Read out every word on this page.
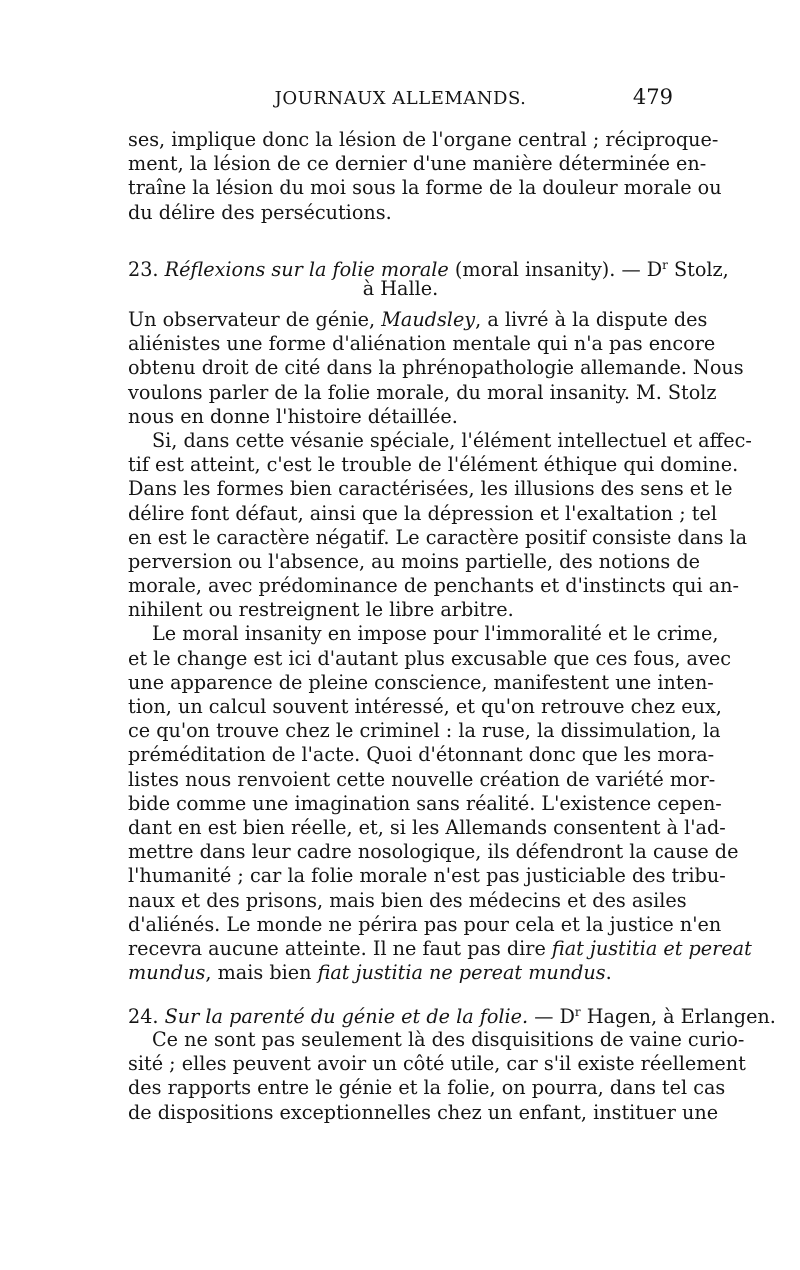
JOURNAUX ALLEMANDS.	479
ses, implique donc la lésion de l'organe central ; réciproque-
ment, la lésion de ce dernier d'une manière déterminée en-
traîne la lésion du moi sous la forme de la douleur morale ou
du délire des persécutions.
23. Réflexions sur la folie morale (moral insanity). — $D^r$ Stolz,
à Halle.
Un observateur de génie, Maudsley, a livré à la dispute des
aliénistes une forme d'aliénation mentale qui n'a pas encore
obtenu droit de cité dans la phrénopathologie allemande. Nous
voulons parler de la folie morale, du moral insanity. M. Stolz
nous en donne l'histoire détaillée.
Si, dans cette vésanie spéciale, l'élément intellectuel et affec-
tif est atteint, c'est le trouble de l'élément éthique qui domine.
Dans les formes bien caractérisées, les illusions des sens et le
délire font défaut, ainsi que la dépression et l'exaltation ; tel
en est le caractère négatif. Le caractère positif consiste dans la
perversion ou l'absence, au moins partielle, des notions de
morale, avec prédominance de penchants et d'instincts qui an-
nihilent ou restreignent le libre arbitre.
Le moral insanity en impose pour l'immoralité et le crime,
et le change est ici d'autant plus excusable que ces fous, avec
une apparence de pleine conscience, manifestent une inten-
tion, un calcul souvent intéressé, et qu'on retrouve chez eux,
ce qu'on trouve chez le criminel : la ruse, la dissimulation, la
préméditation de l'acte. Quoi d'étonnant donc que les mora-
listes nous renvoient cette nouvelle création de variété mor-
bide comme une imagination sans réalité. L'existence cepen-
dant en est bien réelle, et, si les Allemands consentent à l'ad-
mettre dans leur cadre nosologique, ils défendront la cause de
l'humanité ; car la folie morale n'est pas justiciable des tribu-
naux et des prisons, mais bien des médecins et des asiles
d'aliénés. Le monde ne périra pas pour cela et la justice n'en
recevra aucune atteinte. Il ne faut pas dire fiat justitia et pereat
mundus, mais bien fiat justitia ne pereat mundus.
24. Sur la parenté du génie et de la folie. — $D^r$ Hagen, à Erlangen.
Ce ne sont pas seulement là des disquisitions de vaine curio-
sité ; elles peuvent avoir un côté utile, car s'il existe réellement
des rapports entre le génie et la folie, on pourra, dans tel cas
de dispositions exceptionnelles chez un enfant, instituer une
